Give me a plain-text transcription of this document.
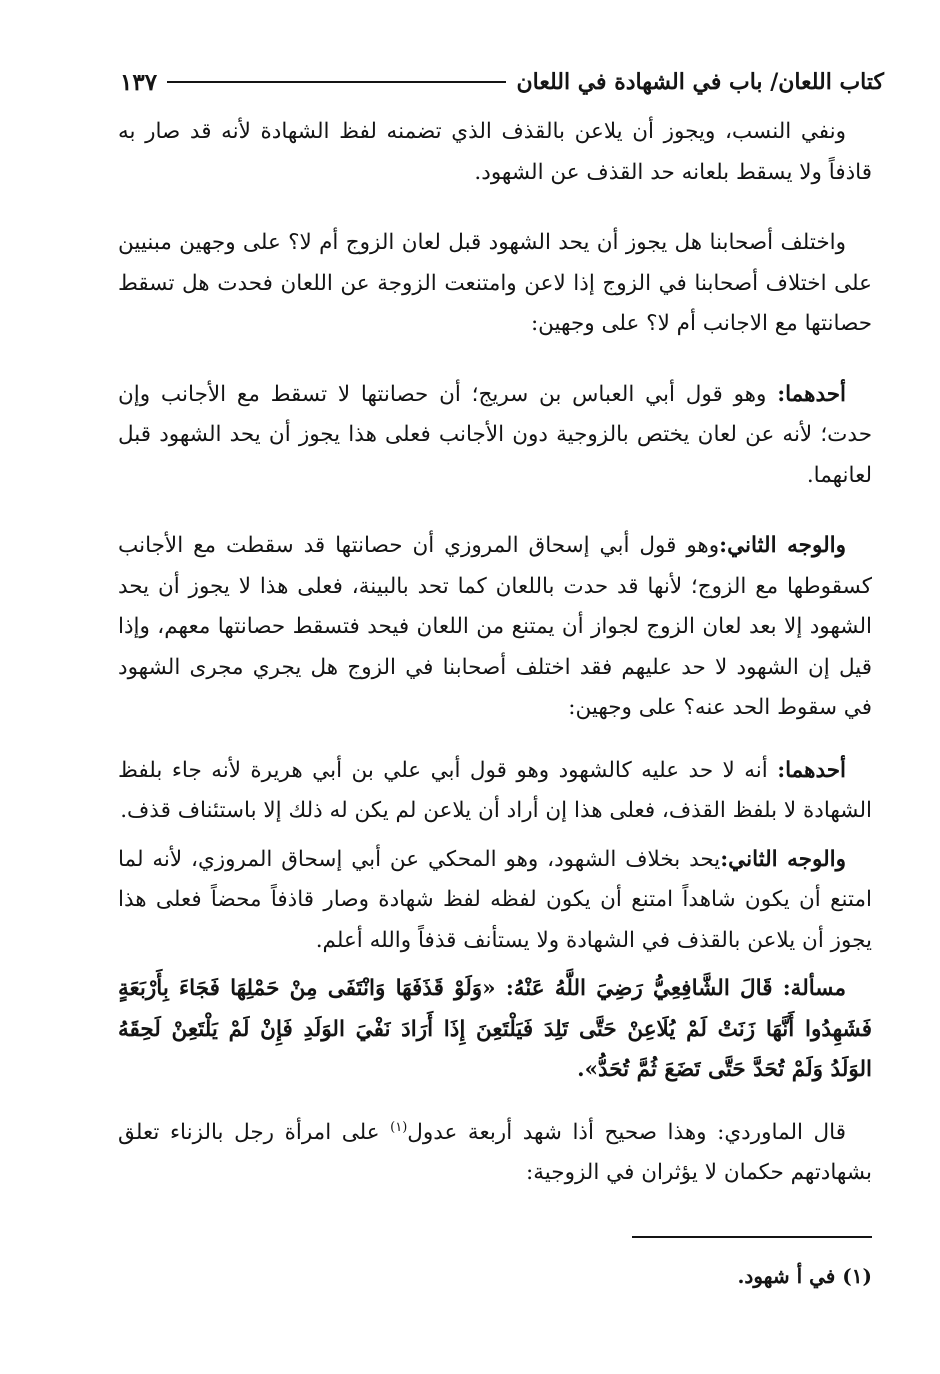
كتاب اللعان/ باب في الشهادة في اللعان
١٣٧

ونفي النسب، ويجوز أن يلاعن بالقذف الذي تضمنه لفظ الشهادة لأنه قد صار به قاذفاً ولا يسقط بلعانه حد القذف عن الشهود.

واختلف أصحابنا هل يجوز أن يحد الشهود قبل لعان الزوج أم لا؟ على وجهين مبنيين على اختلاف أصحابنا في الزوج إذا لاعن وامتنعت الزوجة عن اللعان فحدت هل تسقط حصانتها مع الاجانب أم لا؟ على وجهين:

أحدهما: وهو قول أبي العباس بن سريج؛ أن حصانتها لا تسقط مع الأجانب وإن حدت؛ لأنه عن لعان يختص بالزوجية دون الأجانب فعلى هذا يجوز أن يحد الشهود قبل لعانهما.

والوجه الثاني:وهو قول أبي إسحاق المروزي أن حصانتها قد سقطت مع الأجانب كسقوطها مع الزوج؛ لأنها قد حدت باللعان كما تحد بالبينة، فعلى هذا لا يجوز أن يحد الشهود إلا بعد لعان الزوج لجواز أن يمتنع من اللعان فيحد فتسقط حصانتها معهم، وإذا قيل إن الشهود لا حد عليهم فقد اختلف أصحابنا في الزوج هل يجري مجرى الشهود في سقوط الحد عنه؟ على وجهين:

أحدهما: أنه لا حد عليه كالشهود وهو قول أبي علي بن أبي هريرة لأنه جاء بلفظ الشهادة لا بلفظ القذف، فعلى هذا إن أراد أن يلاعن لم يكن له ذلك إلا باستئناف قذف.

والوجه الثاني:يحد بخلاف الشهود، وهو المحكي عن أبي إسحاق المروزي، لأنه لما امتنع أن يكون شاهداً امتنع أن يكون لفظه لفظ شهادة وصار قاذفاً محضاً فعلى هذا يجوز أن يلاعن بالقذف في الشهادة ولا يستأنف قذفاً والله أعلم.

مسألة: قَالَ الشَّافِعِيُّ رَضِيَ اللَّهُ عَنْهُ: «وَلَوْ قَذَفَهَا وَانْتَفَى مِنْ حَمْلِهَا فَجَاءَ بِأَرْبَعَةٍ فَشَهِدُوا أَنَّهَا زَنَتْ لَمْ يُلَاعِنْ حَتَّى تَلِدَ فَيَلْتَعِنَ إِذَا أَرَادَ نَفْيَ الوَلَدِ فَإِنْ لَمْ يَلْتَعِنْ لَحِقَهُ الوَلَدُ وَلَمْ تُحَدَّ حَتَّى تَضَعَ ثُمَّ تُحَدُّ».

قال الماوردي: وهذا صحيح أذا شهد أربعة عدول$^{(١)}$ على امرأة رجل بالزناء تعلق بشهادتهم حكمان لا يؤثران في الزوجية:

(١) في أ شهود.
